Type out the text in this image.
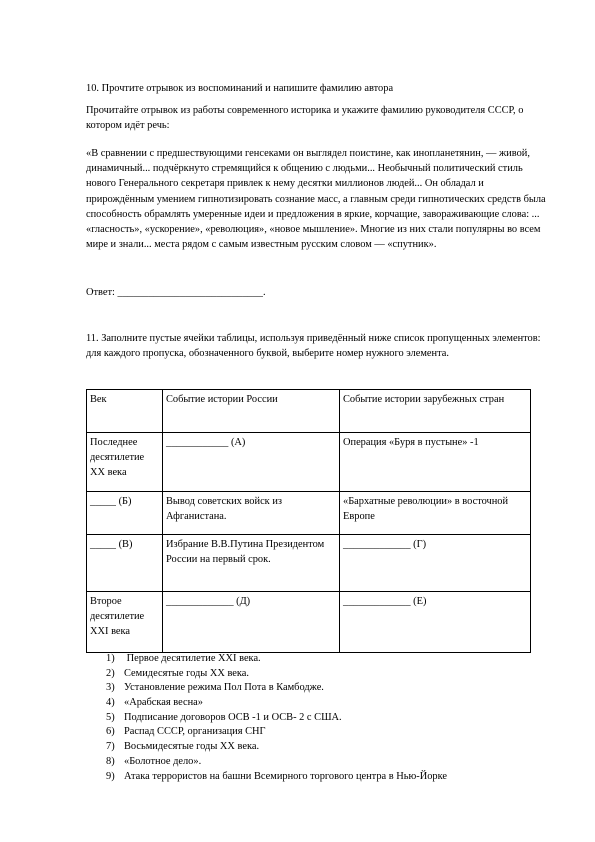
10. Прочтите отрывок из воспоминаний и напишите фамилию автора
Прочитайте отрывок из работы современного историка и укажите фамилию руководителя СССР, о котором идёт речь:
«В сравнении с предшествующими генсеками он выглядел поистине, как инопланетянин, — живой, динамичный... подчёркнуто стремящийся к общению с людьми... Необычный политический стиль нового Генерального секретаря привлек к нему десятки миллионов людей... Он обладал и прирождённым умением гипнотизировать сознание масс, а главным среди гипнотических средств была способность обрамлять умеренные идеи и предложения в яркие, корчащие, завораживающие слова: ... «гласность», «ускорение», «революция», «новое мышление». Многие из них стали популярны во всем мире и знали... места рядом с самым известным русским словом — «спутник».
Ответ: ____________________________.
11. Заполните пустые ячейки таблицы, используя приведённый ниже список пропущенных элементов: для каждого пропуска, обозначенного буквой, выберите номер нужного элемента.
Век	Событие истории России	Событие истории зарубежных стран
Последнее десятилетие XX века	____________ (А)	Операция «Буря в пустыне» -1
_____ (Б)	Вывод советских войск из Афганистана.	«Бархатные революции» в восточной Европе
_____ (В)	Избрание В.В.Путина Президентом России на первый срок.	_____________ (Г)
Второе десятилетие XXI века	_____________ (Д)	_____________ (Е)
1) Первое десятилетие XXI века.
2) Семидесятые годы XX века.
3) Установление режима Пол Пота в Камбодже.
4) «Арабская весна»
5) Подписание договоров ОСВ -1 и ОСВ- 2 с США.
6) Распад СССР, организация СНГ
7) Восьмидесятые годы XX века.
8) «Болотное дело».
9) Атака террористов на башни Всемирного торгового центра в Нью-Йорке
